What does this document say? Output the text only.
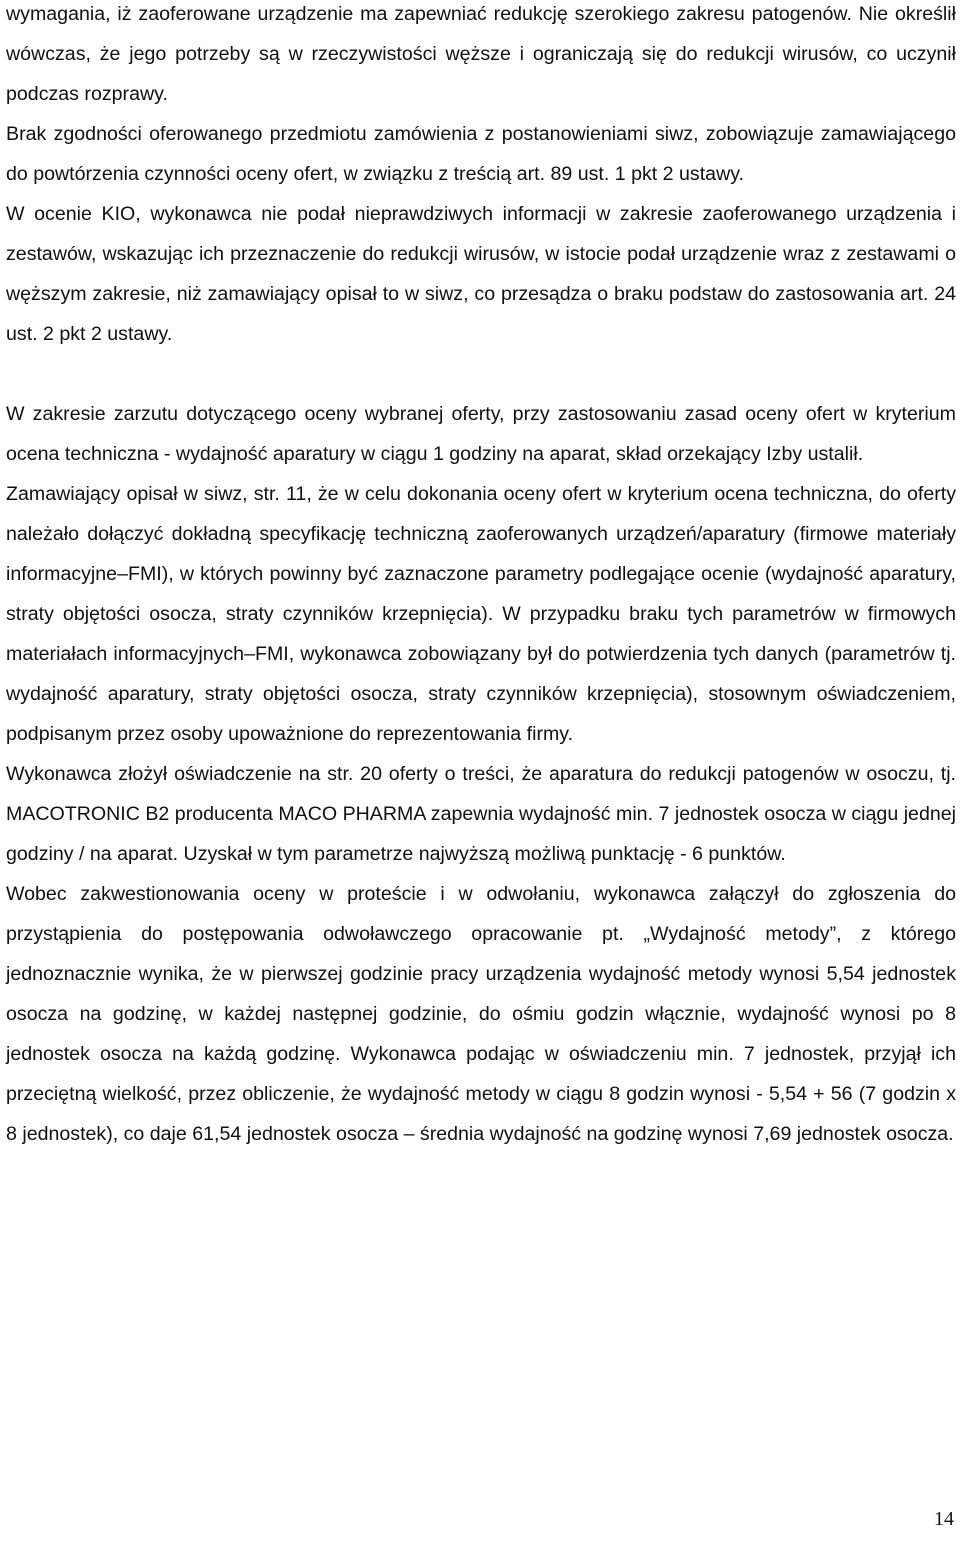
wymagania, iż zaoferowane urządzenie ma zapewniać redukcję szerokiego zakresu patogenów. Nie określił wówczas, że jego potrzeby są w rzeczywistości węższe i ograniczają się do redukcji wirusów, co uczynił podczas rozprawy.

Brak zgodności oferowanego przedmiotu zamówienia z postanowieniami siwz, zobowiązuje zamawiającego do powtórzenia czynności oceny ofert, w związku z treścią art. 89 ust. 1 pkt 2 ustawy.

W ocenie KIO, wykonawca nie podał nieprawdziwych informacji w zakresie zaoferowanego urządzenia i zestawów, wskazując ich przeznaczenie do redukcji wirusów, w istocie podał urządzenie wraz z zestawami o węższym zakresie, niż zamawiający opisał to w siwz, co przesądza o braku podstaw do zastosowania art. 24 ust. 2 pkt 2 ustawy.

W zakresie zarzutu dotyczącego oceny wybranej oferty, przy zastosowaniu zasad oceny ofert w kryterium ocena techniczna - wydajność aparatury w ciągu 1 godziny na aparat, skład orzekający Izby ustalił.

Zamawiający opisał w siwz, str. 11, że w celu dokonania oceny ofert w kryterium ocena techniczna, do oferty należało dołączyć dokładną specyfikację techniczną zaoferowanych urządzeń/aparatury (firmowe materiały informacyjne–FMI), w których powinny być zaznaczone parametry podlegające ocenie (wydajność aparatury, straty objętości osocza, straty czynników krzepnięcia). W przypadku braku tych parametrów w firmowych materiałach informacyjnych–FMI, wykonawca zobowiązany był do potwierdzenia tych danych (parametrów tj. wydajność aparatury, straty objętości osocza, straty czynników krzepnięcia), stosownym oświadczeniem, podpisanym przez osoby upoważnione do reprezentowania firmy.

Wykonawca złożył oświadczenie na str. 20 oferty o treści, że aparatura do redukcji patogenów w osoczu, tj. MACOTRONIC B2 producenta MACO PHARMA zapewnia wydajność min. 7 jednostek osocza w ciągu jednej godziny / na aparat. Uzyskał w tym parametrze najwyższą możliwą punktację - 6 punktów.

Wobec zakwestionowania oceny w proteście i w odwołaniu, wykonawca załączył do zgłoszenia do przystąpienia do postępowania odwoławczego opracowanie pt. „Wydajność metody”, z którego jednoznacznie wynika, że w pierwszej godzinie pracy urządzenia wydajność metody wynosi 5,54 jednostek osocza na godzinę, w każdej następnej godzinie, do ośmiu godzin włącznie, wydajność wynosi po 8 jednostek osocza na każdą godzinę. Wykonawca podając w oświadczeniu min. 7 jednostek, przyjął ich przeciętną wielkość, przez obliczenie, że wydajność metody w ciągu 8 godzin wynosi - 5,54 + 56 (7 godzin x 8 jednostek), co daje 61,54 jednostek osocza – średnia wydajność na godzinę wynosi 7,69 jednostek osocza.

14
